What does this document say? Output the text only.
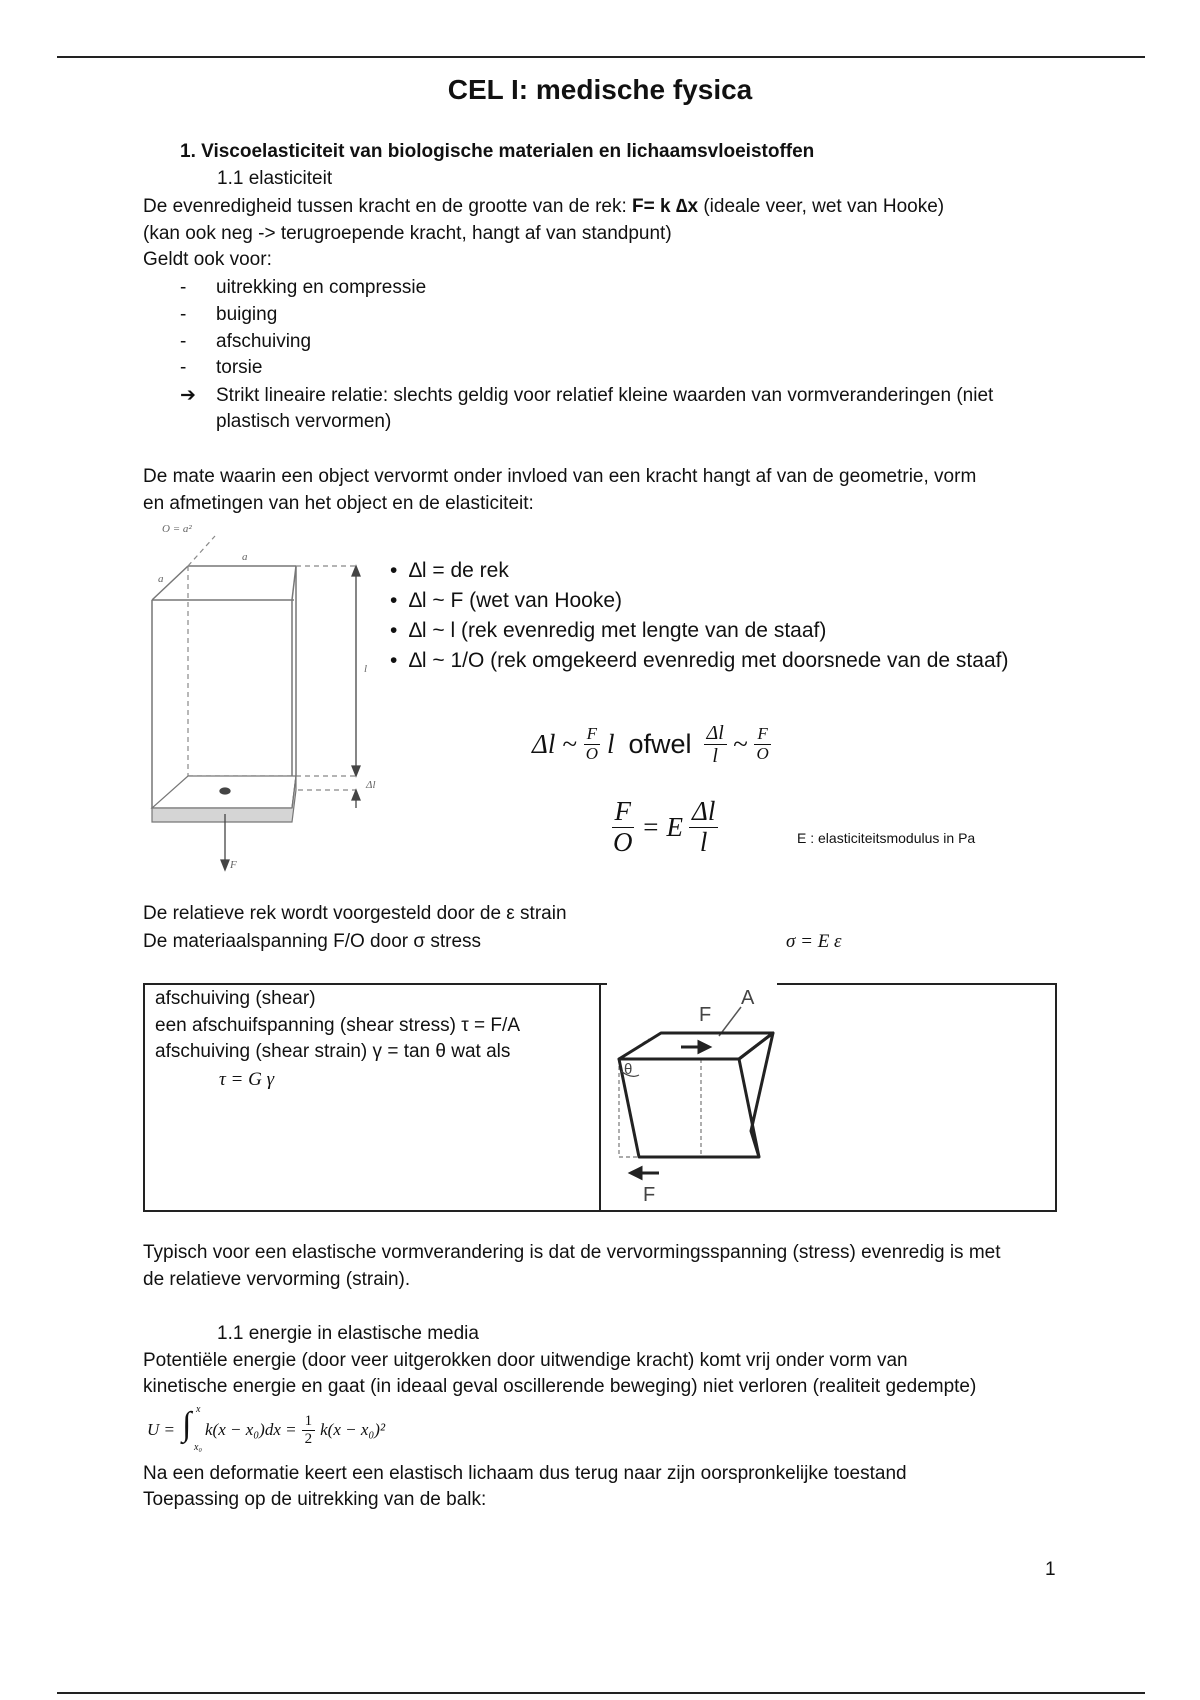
CEL I: medische fysica
1. Viscoelasticiteit van biologische materialen en lichaamsvloeistoffen
1.1 elasticiteit
De evenredigheid tussen kracht en de grootte van de rek: F= k ∆x (ideale veer, wet van Hooke)
(kan ook neg -> terugroepende kracht, hangt af van standpunt)
Geldt ook voor:
- uitrekking en compressie
- buiging
- afschuiving
- torsie
➔ Strikt lineaire relatie: slechts geldig voor relatief kleine waarden van vormveranderingen (niet
plastisch vervormen)
De mate waarin een object vervormt onder invloed van een kracht hangt af van de geometrie, vorm
en afmetingen van het object en de elasticiteit:
O = a²
a
a
l
Δl
F
•  ∆l = de rek
•  ∆l ~ F (wet van Hooke)
•  ∆l ~ l (rek evenredig met lengte van de staaf)
•  ∆l ~ 1/O (rek omgekeerd evenredig met doorsnede van de staaf)
Δl ~ $\frac{F}{O}$ l ofwel $\frac{\Delta l}{l}$ ~ $\frac{F}{O}$
$\frac{F}{O} = E \frac{\Delta l}{l}$	E : elasticiteitsmodulus in Pa
De relatieve rek wordt voorgesteld door de ε strain
De materiaalspanning F/O door σ stress	σ = E ε
afschuiving (shear)
een afschuifspanning (shear stress) τ = F/A
afschuiving (shear strain) γ = tan θ wat als
τ = G γ
A
F
F
θ
Typisch voor een elastische vormverandering is dat de vervormingsspanning (stress) evenredig is met
de relatieve vervorming (strain).
1.1 energie in elastische media
Potentiële energie (door veer uitgerokken door uitwendige kracht) komt vrij onder vorm van
kinetische energie en gaat (in ideaal geval oscillerende beweging) niet verloren (realiteit gedempte)
U = ∫ x
x₀
$k(x - x_0)dx = \frac{1}{2} k(x - x_0)^2$
Na een deformatie keert een elastisch lichaam dus terug naar zijn oorspronkelijke toestand
Toepassing op de uitrekking van de balk:
1
